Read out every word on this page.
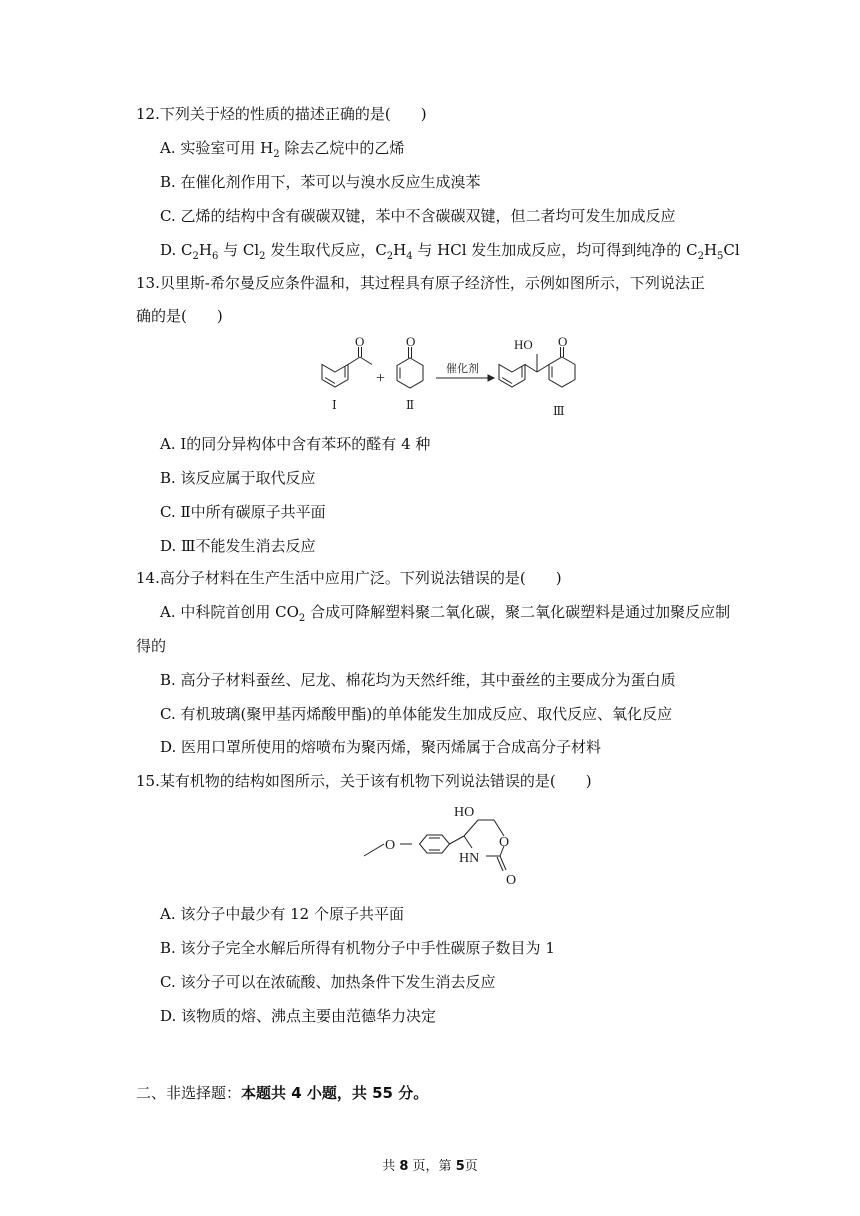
12.下列关于烃的性质的描述正确的是(　　)
A. 实验室可用 $H_2$ 除去乙烷中的乙烯
B. 在催化剂作用下，苯可以与溴水反应生成溴苯
C. 乙烯的结构中含有碳碳双键，苯中不含碳碳双键，但二者均可发生加成反应
D. $C_2H_6$ 与 $Cl_2$ 发生取代反应，$C_2H_4$ 与 HCl 发生加成反应，均可得到纯净的 $C_2H_5Cl$
13.贝里斯-希尔曼反应条件温和，其过程具有原子经济性，示例如图所示，下列说法正
确的是(　　)
O	O	HO O
+
催化剂
Ⅰ	Ⅱ	Ⅲ
A. Ⅰ的同分异构体中含有苯环的醛有 4 种
B. 该反应属于取代反应
C. Ⅱ中所有碳原子共平面
D. Ⅲ不能发生消去反应
14.高分子材料在生产生活中应用广泛。下列说法错误的是(　　)
A. 中科院首创用 $CO_2$ 合成可降解塑料聚二氧化碳，聚二氧化碳塑料是通过加聚反应制
得的
B. 高分子材料蚕丝、尼龙、棉花均为天然纤维，其中蚕丝的主要成分为蛋白质
C. 有机玻璃(聚甲基丙烯酸甲酯)的单体能发生加成反应、取代反应、氧化反应
D. 医用口罩所使用的熔喷布为聚丙烯，聚丙烯属于合成高分子材料
15.某有机物的结构如图所示，关于该有机物下列说法错误的是(　　)
HO
O
HN
O
O
A. 该分子中最少有 12 个原子共平面
B. 该分子完全水解后所得有机物分子中手性碳原子数目为 1
C. 该分子可以在浓硫酸、加热条件下发生消去反应
D. 该物质的熔、沸点主要由范德华力决定
二、非选择题：本题共 4 小题，共 55 分。
共 8 页，第 5页
